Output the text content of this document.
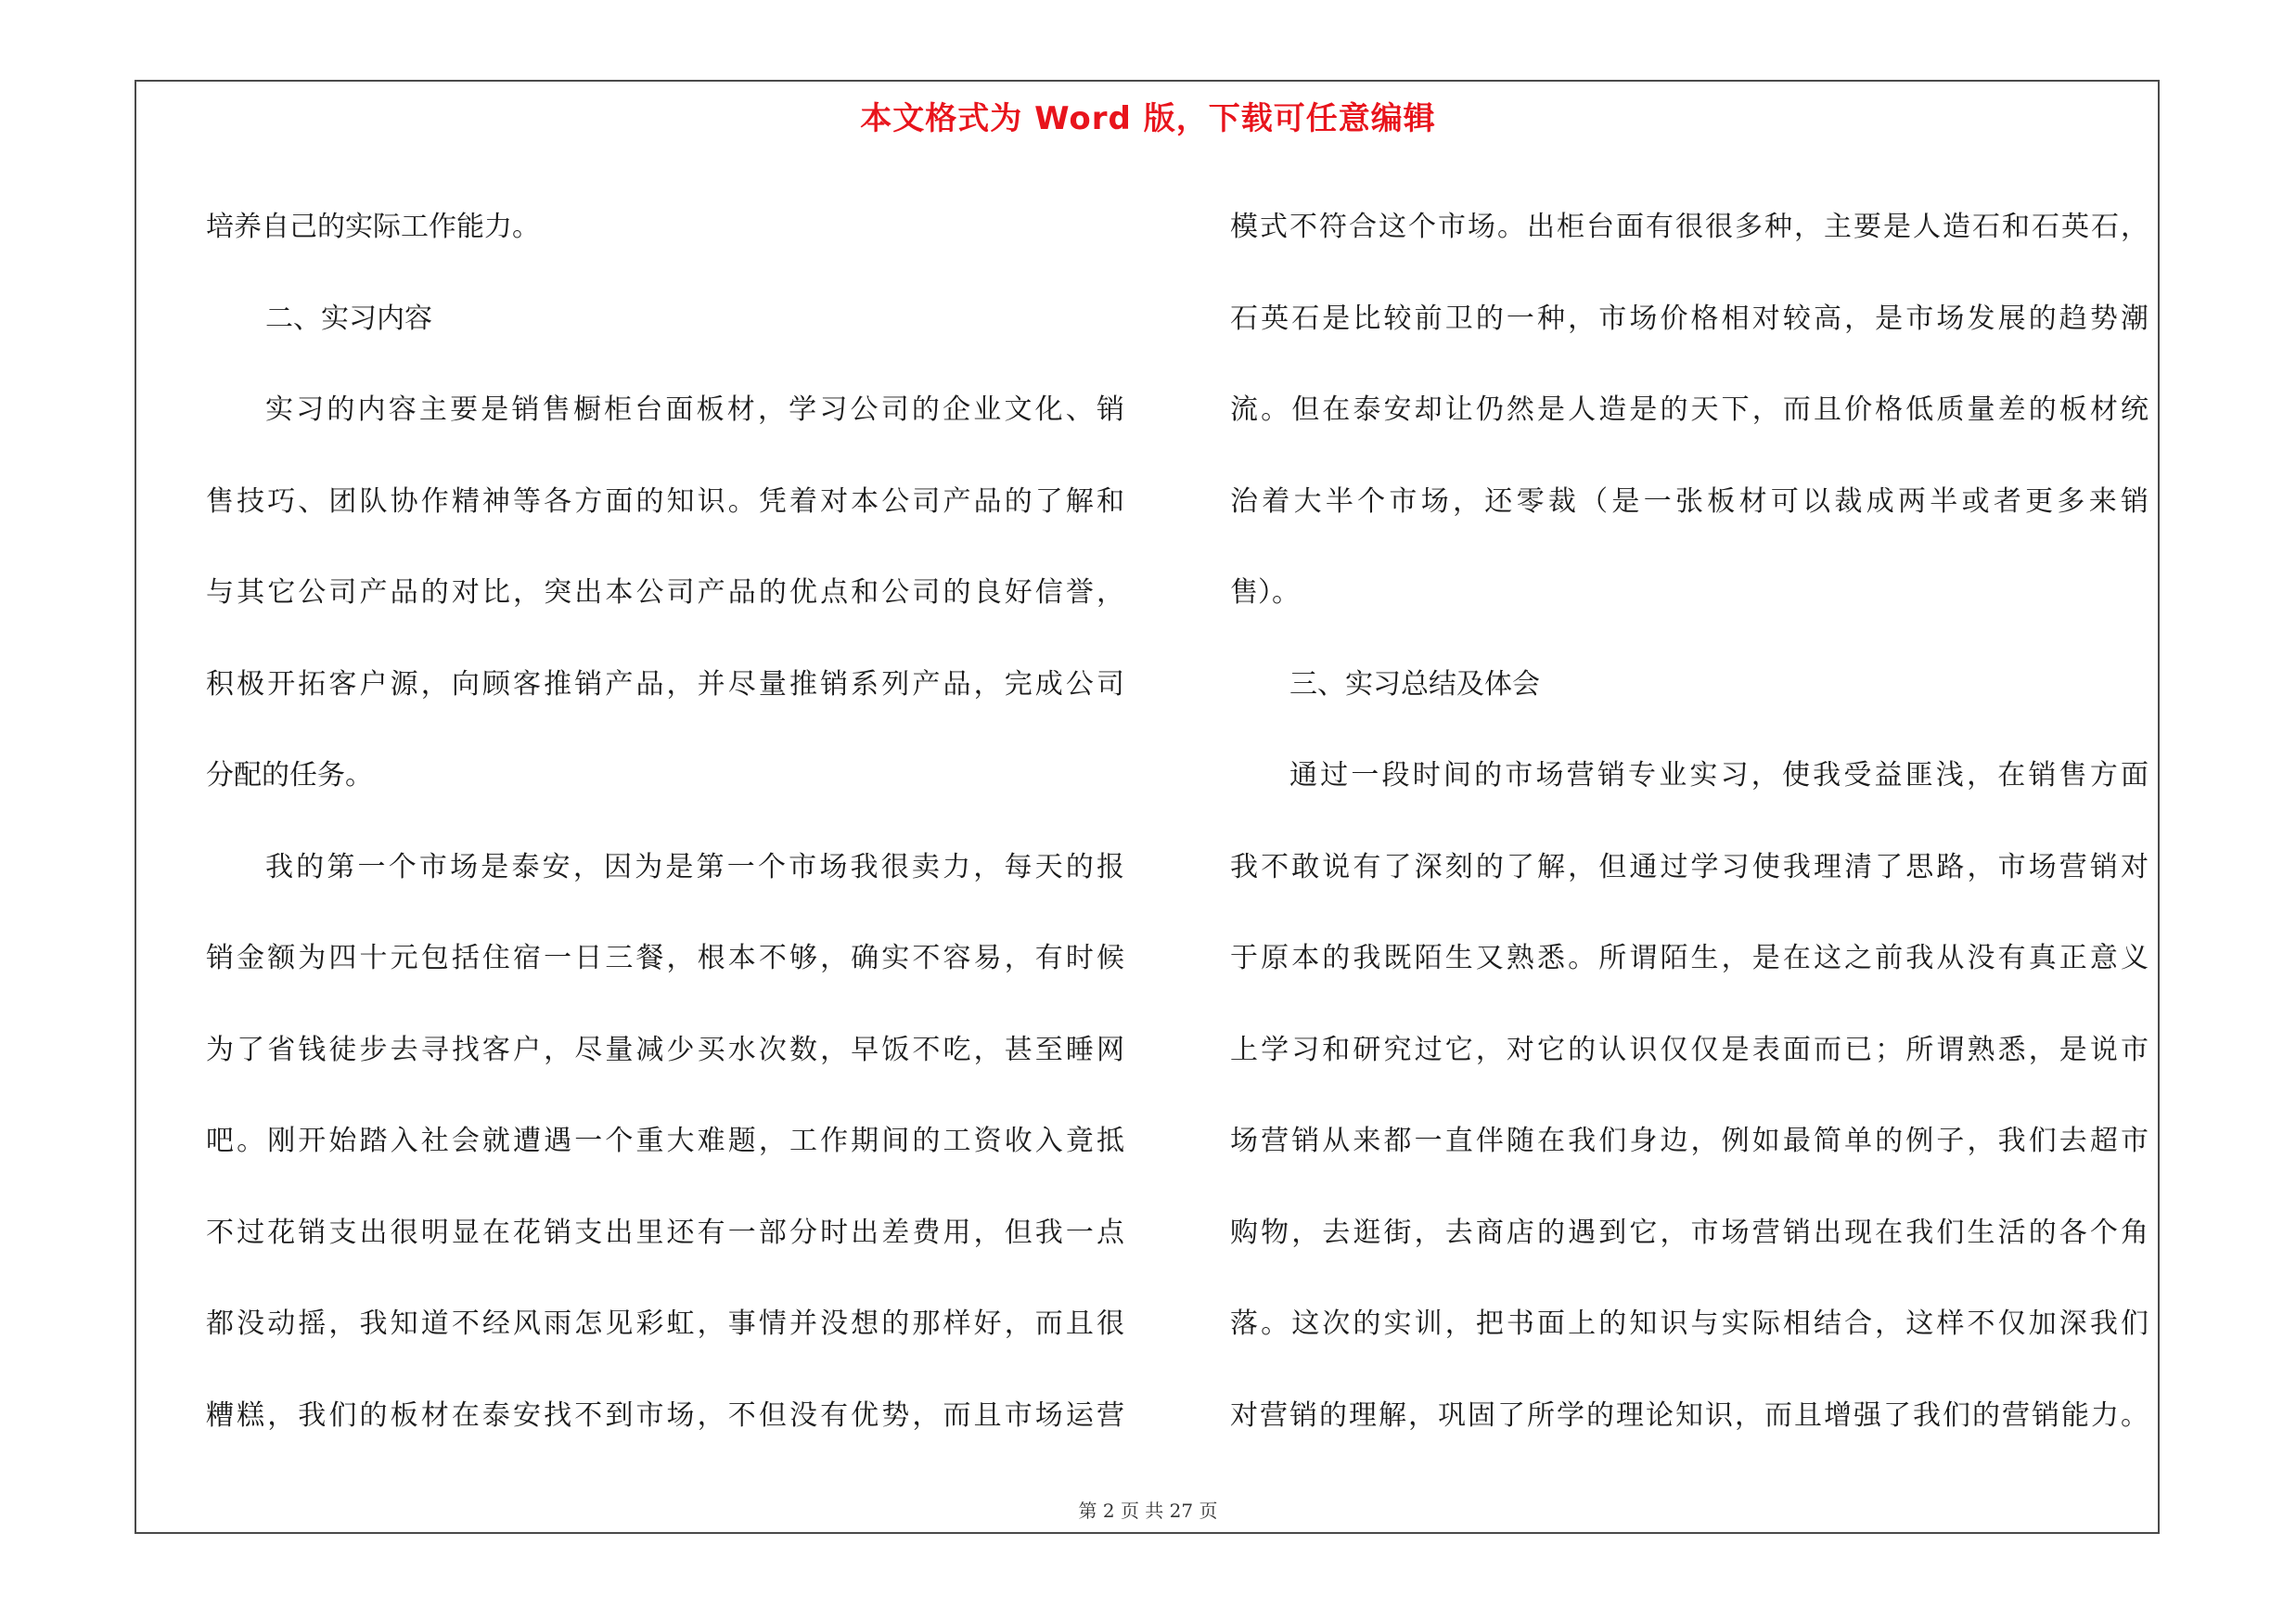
本文格式为 Word 版，下载可任意编辑

培养自己的实际工作能力。

二、实习内容

实习的内容主要是销售橱柜台面板材，学习公司的企业文化、销

售技巧、团队协作精神等各方面的知识。凭着对本公司产品的了解和

与其它公司产品的对比，突出本公司产品的优点和公司的良好信誉，

积极开拓客户源，向顾客推销产品，并尽量推销系列产品，完成公司

分配的任务。

我的第一个市场是泰安，因为是第一个市场我很卖力，每天的报

销金额为四十元包括住宿一日三餐，根本不够，确实不容易，有时候

为了省钱徒步去寻找客户，尽量减少买水次数，早饭不吃，甚至睡网

吧。刚开始踏入社会就遭遇一个重大难题，工作期间的工资收入竟抵

不过花销支出很明显在花销支出里还有一部分时出差费用，但我一点

都没动摇，我知道不经风雨怎见彩虹，事情并没想的那样好，而且很

糟糕，我们的板材在泰安找不到市场，不但没有优势，而且市场运营

模式不符合这个市场。出柜台面有很很多种，主要是人造石和石英石，

石英石是比较前卫的一种，市场价格相对较高，是市场发展的趋势潮

流。但在泰安却让仍然是人造是的天下，而且价格低质量差的板材统

治着大半个市场，还零裁（是一张板材可以裁成两半或者更多来销

售）。

三、实习总结及体会

通过一段时间的市场营销专业实习，使我受益匪浅，在销售方面

我不敢说有了深刻的了解，但通过学习使我理清了思路，市场营销对

于原本的我既陌生又熟悉。所谓陌生，是在这之前我从没有真正意义

上学习和研究过它，对它的认识仅仅是表面而已；所谓熟悉，是说市

场营销从来都一直伴随在我们身边，例如最简单的例子，我们去超市

购物，去逛街，去商店的遇到它，市场营销出现在我们生活的各个角

落。这次的实训，把书面上的知识与实际相结合，这样不仅加深我们

对营销的理解，巩固了所学的理论知识，而且增强了我们的营销能力。

第 2 页 共 27 页
